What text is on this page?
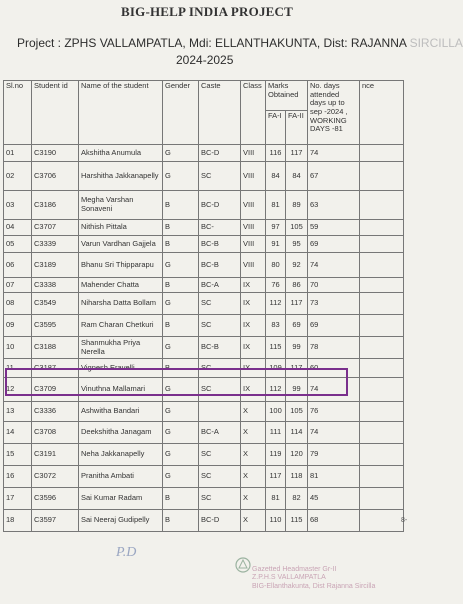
BIG-HELP INDIA PROJECT
Project : ZPHS VALLAMPATLA, Mdi: ELLANTHAKUNTA, Dist: RAJANNA SIRCILLA
2024-2025
Sl.no	Student id	Name of the student	Gender	Caste	Class	Marks Obtained		No. days attended days up to sep -2024 , WORKING DAYS -81	nce
						FA-I	FA-II		
01	C3190	Akshitha Anumula	G	BC-D	VIII	116	117	74	
02	C3706	Harshitha Jakkanapelly	G	SC	VIII	84	84	67	
03	C3186	Megha Varshan Sonaveni	B	BC-D	VIII	81	89	63	
04	C3707	Nithish Pittala	B	BC-	VIII	97	105	59	
05	C3339	Varun Vardhan Gajjela	B	BC-B	VIII	91	95	69	
06	C3189	Bhanu Sri Thipparapu	G	BC-B	VIII	80	92	74	
07	C3338	Mahender Chatta	B	BC-A	IX	76	86	70	
08	C3549	Niharsha Datta Bollam	G	SC	IX	112	117	73	
09	C3595	Ram Charan Chetkuri	B	SC	IX	83	69	69	
10	C3188	Shanmukha Priya Nerella	G	BC-B	IX	115	99	78	
11	C3187	Vignesh Eravelli	B	SC	IX	109	117	60	
12	C3709	Vinuthna Mallamari	G	SC	IX	112	99	74	
13	C3336	Ashwitha Bandari	G		X	100	105	76	
14	C3708	Deekshitha Janagam	G	BC-A	X	111	114	74	
15	C3191	Neha Jakkanapelly	G	SC	X	119	120	79	
16	C3072	Pranitha Ambati	G	SC	X	117	118	81	
17	C3596	Sai Kumar Radam	B	SC	X	81	82	45	
18	C3597	Sai Neeraj Gudipelly	B	BC-D	X	110	115	68		8-
P.D
Gazetted Headmaster Gr-II
Z.P.H.S VALLAMPATLA
BIG-Ellanthakunta, Dist Rajanna Sircilla
